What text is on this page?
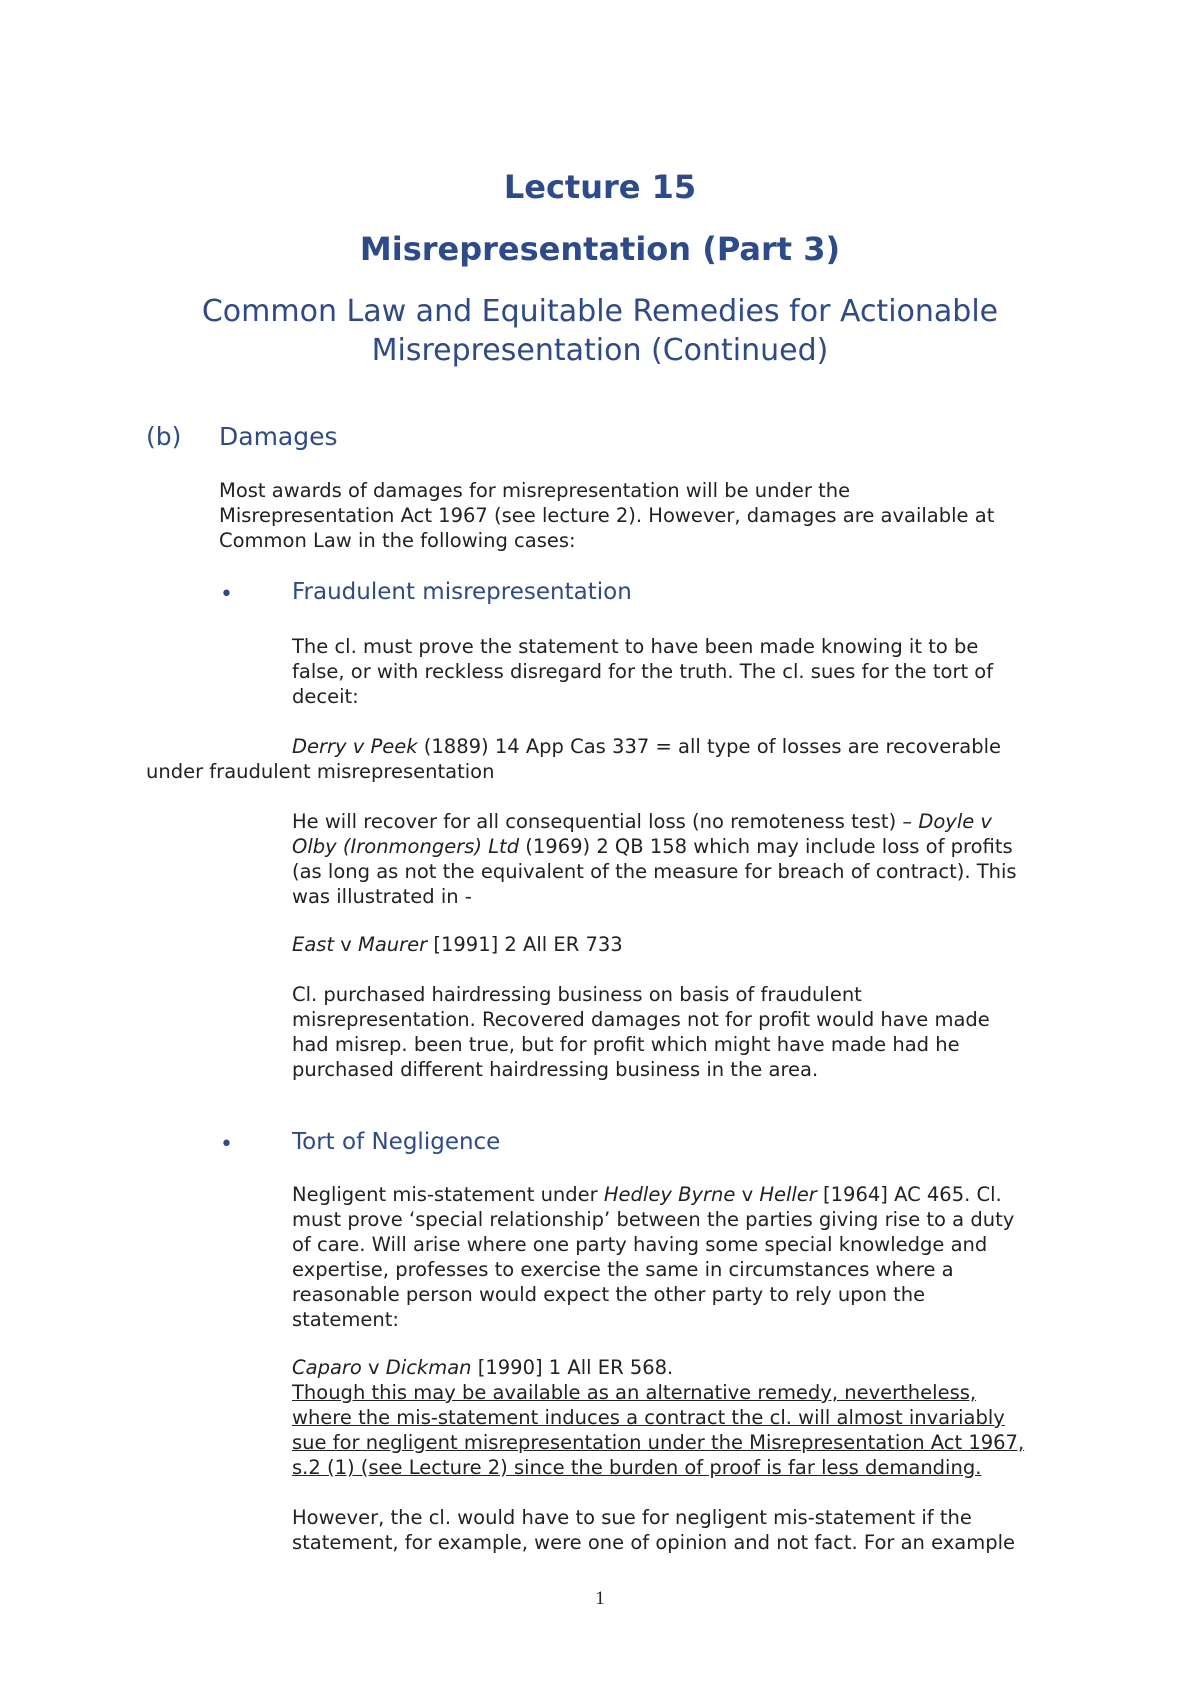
Lecture 15
Misrepresentation (Part 3)
Common Law and Equitable Remedies for Actionable
Misrepresentation (Continued)
(b) Damages
Most awards of damages for misrepresentation will be under the
Misrepresentation Act 1967 (see lecture 2). However, damages are available at
Common Law in the following cases:
•	Fraudulent misrepresentation
The cl. must prove the statement to have been made knowing it to be
false, or with reckless disregard for the truth. The cl. sues for the tort of
deceit:
Derry v Peek (1889) 14 App Cas 337 = all type of losses are recoverable
under fraudulent misrepresentation
He will recover for all consequential loss (no remoteness test) – Doyle v
Olby (Ironmongers) Ltd (1969) 2 QB 158 which may include loss of profits
(as long as not the equivalent of the measure for breach of contract). This
was illustrated in -
East v Maurer [1991] 2 All ER 733
Cl. purchased hairdressing business on basis of fraudulent
misrepresentation. Recovered damages not for profit would have made
had misrep. been true, but for profit which might have made had he
purchased different hairdressing business in the area.
•	Tort of Negligence
Negligent mis-statement under Hedley Byrne v Heller [1964] AC 465. Cl.
must prove ‘special relationship’ between the parties giving rise to a duty
of care. Will arise where one party having some special knowledge and
expertise, professes to exercise the same in circumstances where a
reasonable person would expect the other party to rely upon the
statement:
Caparo v Dickman [1990] 1 All ER 568.
Though this may be available as an alternative remedy, nevertheless,
where the mis-statement induces a contract the cl. will almost invariably
sue for negligent misrepresentation under the Misrepresentation Act 1967,
s.2 (1) (see Lecture 2) since the burden of proof is far less demanding.
However, the cl. would have to sue for negligent mis-statement if the
statement, for example, were one of opinion and not fact. For an example
1
